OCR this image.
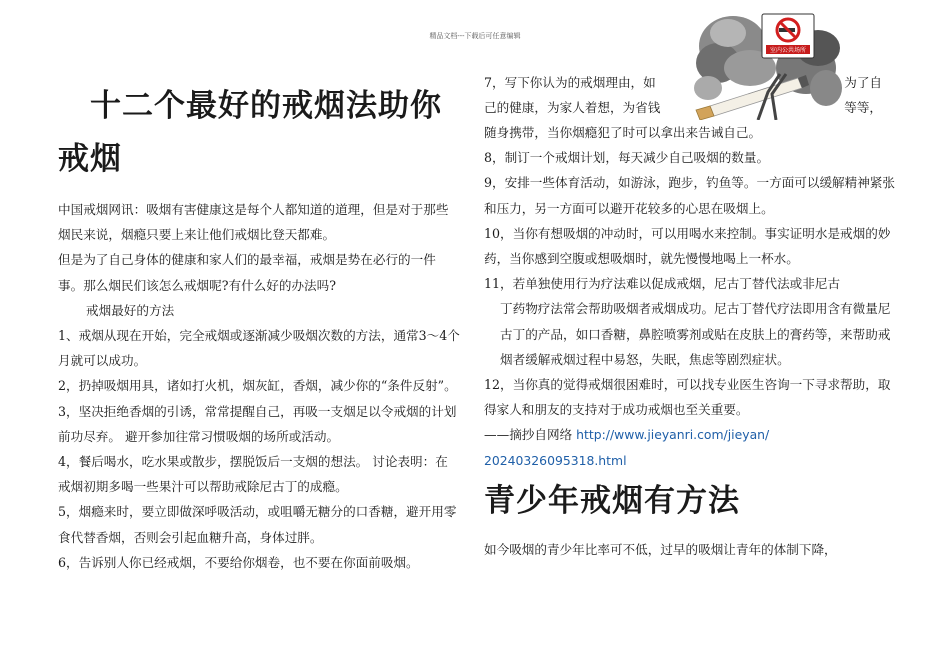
精品文档---下载后可任意编辑
十二个最好的戒烟法助你
戒烟

中国戒烟网讯：吸烟有害健康这是每个人都知道的道理，但是对于那些烟民来说，烟瘾只要上来让他们戒烟比登天都难。

但是为了自己身体的健康和家人们的最幸福，戒烟是势在必行的一件事。那么烟民们该怎么戒烟呢?有什么好的办法吗?

戒烟最好的方法

1、戒烟从现在开始，完全戒烟或逐渐减少吸烟次数的方法，通常3～4个月就可以成功。

2，扔掉吸烟用具，诸如打火机，烟灰缸，香烟，减少你的“条件反射”。

3，坚决拒绝香烟的引诱，常常提醒自己，再吸一支烟足以令戒烟的计划前功尽弃。 避开参加往常习惯吸烟的场所或活动。

4，餐后喝水，吃水果或散步，摆脱饭后一支烟的想法。 讨论表明：在戒烟初期多喝一些果汁可以帮助戒除尼古丁的成瘾。

5，烟瘾来时，要立即做深呼吸活动，或咀嚼无糖分的口香糖，避开用零食代替香烟，否则会引起血糖升高，身体过胖。

6，告诉别人你已经戒烟，不要给你烟卷，也不要在你面前吸烟。

7，写下你认为的戒烟理由，如	为了自
己的健康，为家人着想，为省钱	等等，

随身携带，当你烟瘾犯了时可以拿出来告诫自己。

8，制订一个戒烟计划，每天减少自己吸烟的数量。

9，安排一些体育活动，如游泳，跑步，钓鱼等。一方面可以缓解精神紧张和压力，另一方面可以避开花较多的心思在吸烟上。

10，当你有想吸烟的冲动时，可以用喝水来控制。事实证明水是戒烟的妙药，当你感到空腹或想吸烟时，就先慢慢地喝上一杯水。

11，若单独使用行为疗法难以促成戒烟，尼古丁替代法或非尼古

丁药物疗法常会帮助吸烟者戒烟成功。尼古丁替代疗法即用含有微量尼古丁的产品，如口香糖，鼻腔喷雾剂或贴在皮肤上的膏药等，来帮助戒烟者缓解戒烟过程中易怒，失眠，焦虑等剧烈症状。

12，当你真的觉得戒烟很困难时，可以找专业医生咨询一下寻求帮助，取得家人和朋友的支持对于成功戒烟也至关重要。

——摘抄自网络 http://www.jieyanri.com/jieyan/

20240326095318.html

青少年戒烟有方法

如今吸烟的青少年比率可不低，过早的吸烟让青年的体制下降，

室内公共场所
